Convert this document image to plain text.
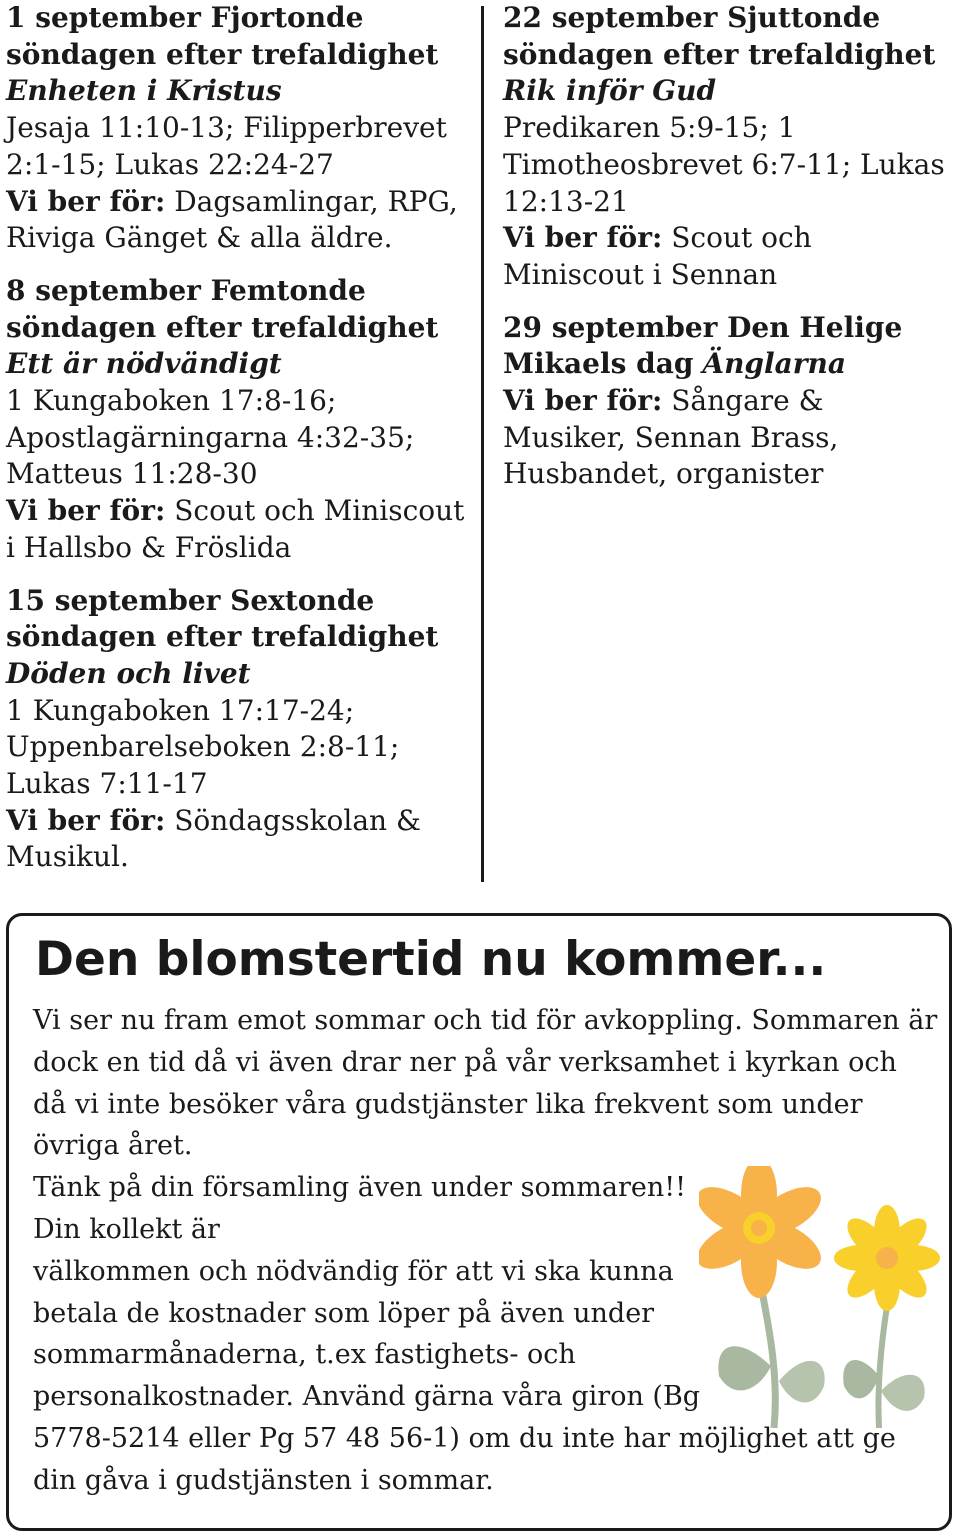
1 september Fjortonde söndagen efter trefaldighet Enheten i Kristus

Jesaja 11:10-13; Filipperbrevet 2:1-15; Lukas 22:24-27

Vi ber för: Dagsamlingar, RPG, Riviga Gänget & alla äldre.

8 september Femtonde söndagen efter trefaldighet Ett är nödvändigt

1 Kungaboken 17:8-16; Apostlagärningarna 4:32-35; Matteus 11:28-30

Vi ber för: Scout och Miniscout i Hallsbo & Fröslida

15 september Sextonde söndagen efter trefaldighet Döden och livet

1 Kungaboken 17:17-24; Uppenbarelseboken 2:8-11; Lukas 7:11-17

Vi ber för: Söndagsskolan & Musikul.

22 september Sjuttonde söndagen efter trefaldighet Rik inför Gud

Predikaren 5:9-15; 1 Timotheosbrevet 6:7-11; Lukas 12:13-21

Vi ber för: Scout och Miniscout i Sennan

29 september Den Helige Mikaels dag Änglarna

Vi ber för: Sångare & Musiker, Sennan Brass, Husbandet, organister

Den blomstertid nu kommer...

Vi ser nu fram emot sommar och tid för avkoppling. Sommaren är dock en tid då vi även drar ner på vår verksamhet i kyrkan och då vi inte besöker våra gudstjänster lika frekvent som under övriga året.

Tänk på din församling även under sommaren!!

Din kollekt är

välkommen och nödvändig för att vi ska kunna

betala de kostnader som löper på även under

sommarmånaderna, t.ex fastighets- och

personalkostnader. Använd gärna våra giron (Bg

5778-5214 eller Pg 57 48 56-1) om du inte har möjlighet att ge

din gåva i gudstjänsten i sommar.
